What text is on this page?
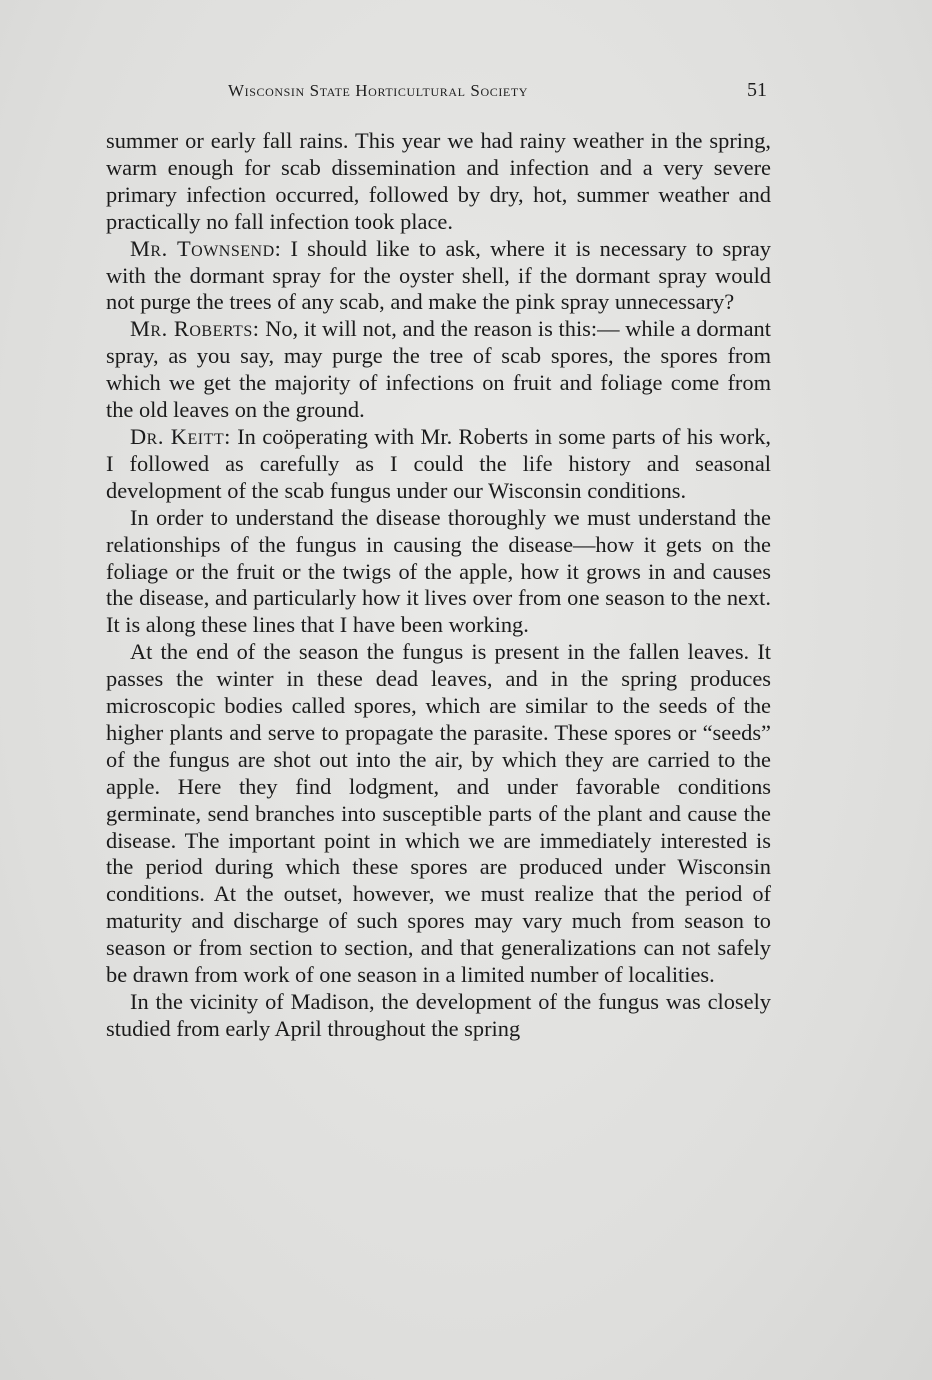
Wisconsin State Horticultural Society	51

summer or early fall rains. This year we had rainy weather in the spring, warm enough for scab dissemination and infection and a very severe primary infection occurred, followed by dry, hot, summer weather and practically no fall infection took place.

Mr. Townsend: I should like to ask, where it is necessary to spray with the dormant spray for the oyster shell, if the dormant spray would not purge the trees of any scab, and make the pink spray unnecessary?

Mr. Roberts: No, it will not, and the reason is this:— while a dormant spray, as you say, may purge the tree of scab spores, the spores from which we get the majority of infections on fruit and foliage come from the old leaves on the ground.

Dr. Keitt: In coöperating with Mr. Roberts in some parts of his work, I followed as carefully as I could the life history and seasonal development of the scab fungus under our Wisconsin conditions.

In order to understand the disease thoroughly we must understand the relationships of the fungus in causing the disease—how it gets on the foliage or the fruit or the twigs of the apple, how it grows in and causes the disease, and particularly how it lives over from one season to the next. It is along these lines that I have been working.

At the end of the season the fungus is present in the fallen leaves. It passes the winter in these dead leaves, and in the spring produces microscopic bodies called spores, which are similar to the seeds of the higher plants and serve to propagate the parasite. These spores or “seeds” of the fungus are shot out into the air, by which they are carried to the apple. Here they find lodgment, and under favorable conditions germinate, send branches into susceptible parts of the plant and cause the disease. The important point in which we are immediately interested is the period during which these spores are produced under Wisconsin conditions. At the outset, however, we must realize that the period of maturity and discharge of such spores may vary much from season to season or from section to section, and that generalizations can not safely be drawn from work of one season in a limited number of localities.

In the vicinity of Madison, the development of the fungus was closely studied from early April throughout the spring
